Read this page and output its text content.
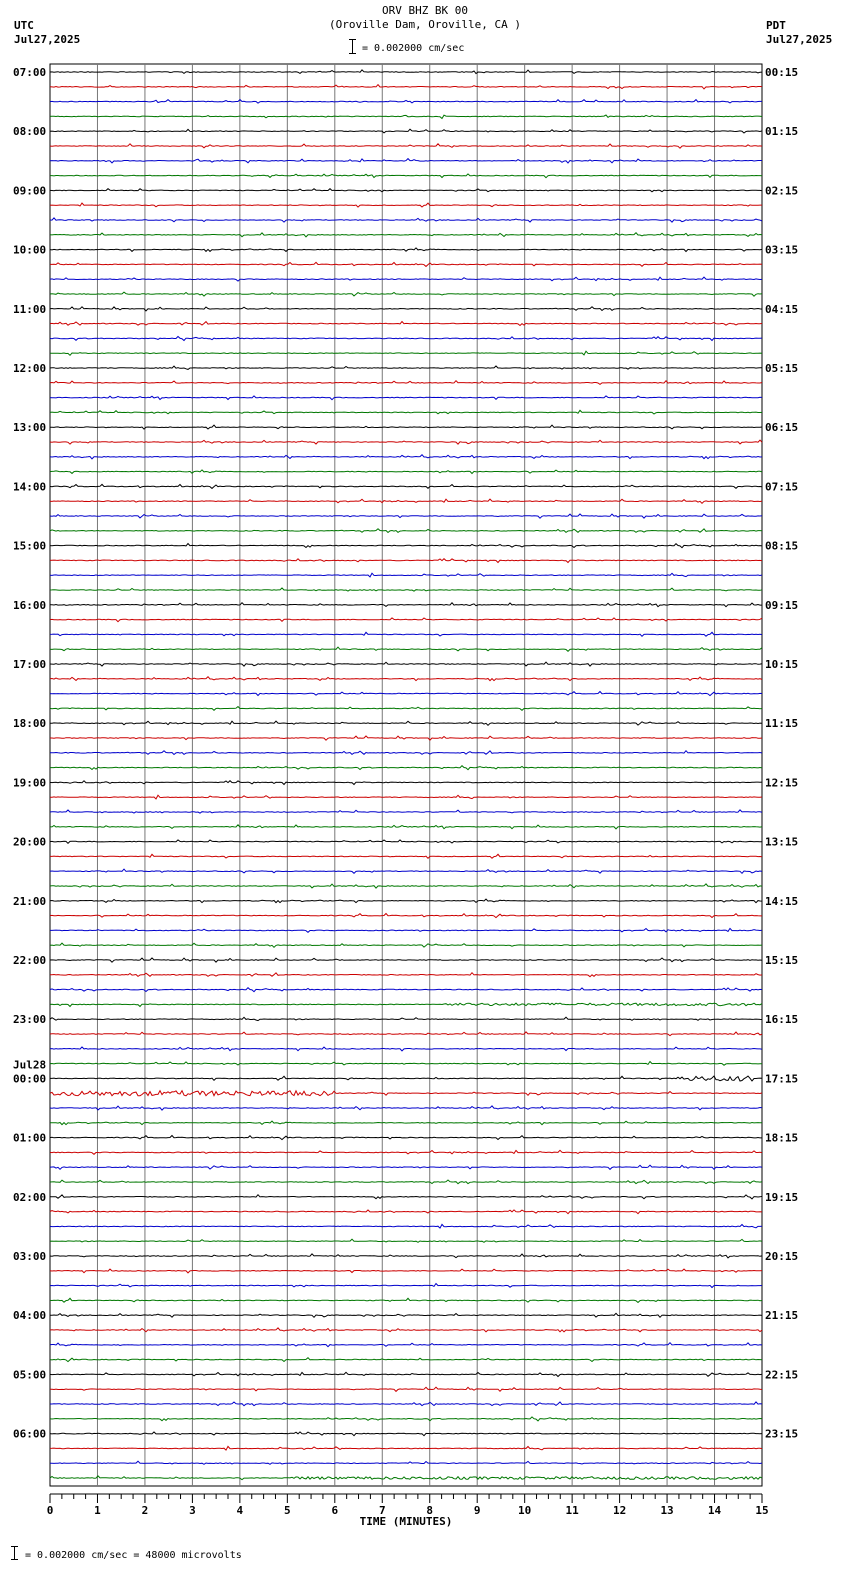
ORV BHZ BK 00
(Oroville Dam, Oroville, CA )
= 0.002000 cm/sec
UTC
Jul27,2025
PDT
Jul27,2025
07:00
08:00
09:00
10:00
11:00
12:00
13:00
14:00
15:00
16:00
17:00
18:00
19:00
20:00
21:00
22:00
23:00
00:00
01:00
02:00
03:00
04:00
05:00
06:00
00:15
01:15
02:15
03:15
04:15
05:15
06:15
07:15
08:15
09:15
10:15
11:15
12:15
13:15
14:15
15:15
16:15
17:15
18:15
19:15
20:15
21:15
22:15
23:15
Jul28
0	1	2	3	4	5	6	7	8	9	10	11	12	13	14	15
TIME (MINUTES)
= 0.002000 cm/sec = 48000 microvolts
